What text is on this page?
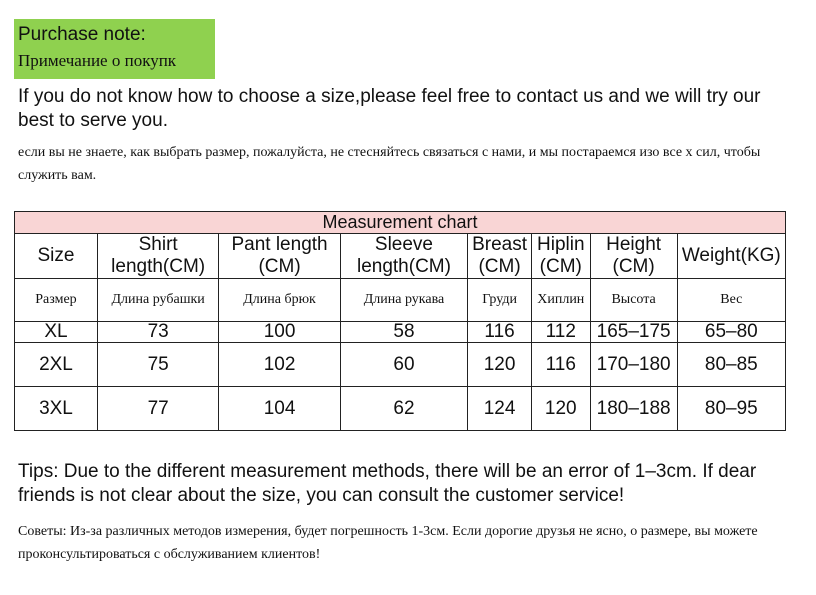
Purchase note:
Примечание о покупк
If you do not know how to choose a size,please feel free to contact us and we will try our best to serve you.
если вы не знаете, как выбрать размер, пожалуйста, не стесняйтесь связаться с нами, и мы постараемся изо все х сил, чтобы служить вам.
Measurement chart							
Size	Shirt length(CM)	Pant length (CM)	Sleeve length(CM)	Breast (CM)	Hiplin (CM)	Height (CM)	Weight(KG)
Размер	Длина рубашки	Длина брюк	Длина рукава	Груди	Хиплин	Высота	Вес
XL	73	100	58	116	112	165–175	65–80
2XL	75	102	60	120	116	170–180	80–85
3XL	77	104	62	124	120	180–188	80–95
Tips: Due to the different measurement methods, there will be an error of 1–3cm. If dear friends is not clear about the size, you can consult the customer service!
Советы: Из-за различных методов измерения, будет погрешность 1-3см. Если дорогие друзья не ясно, о размере, вы можете проконсультироваться с обслуживанием клиентов!
